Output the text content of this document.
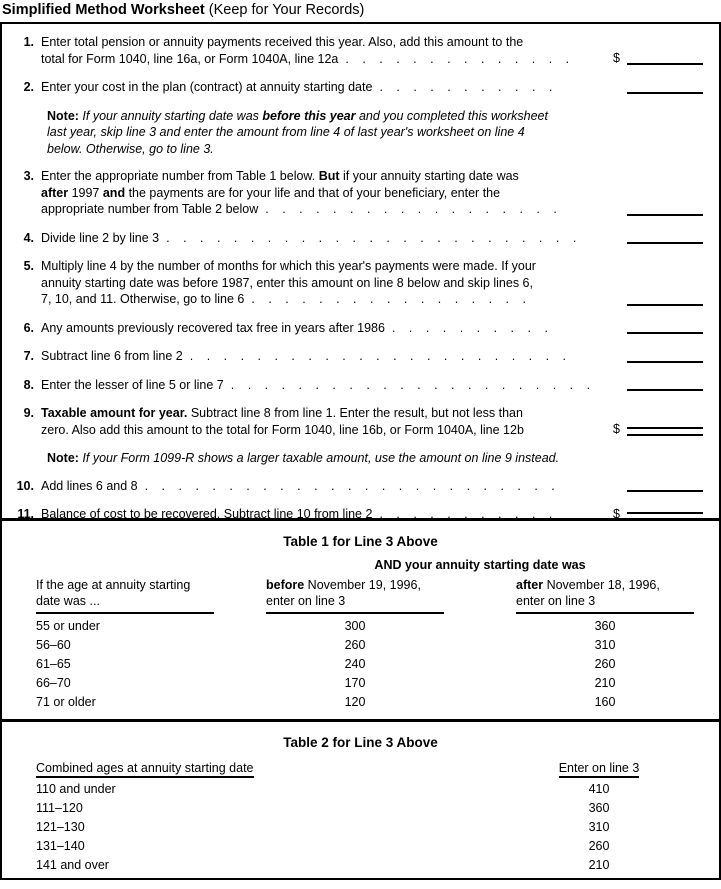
Simplified Method Worksheet (Keep for Your Records)
1. Enter total pension or annuity payments received this year. Also, add this amount to the
total for Form 1040, line 16a, or Form 1040A, line 12a . . . . . . . . . . . . . .	$
2. Enter your cost in the plan (contract) at annuity starting date . . . . . . . . . . .
Note: If your annuity starting date was before this year and you completed this worksheet
last year, skip line 3 and enter the amount from line 4 of last year's worksheet on line 4
below. Otherwise, go to line 3.
3. Enter the appropriate number from Table 1 below. But if your annuity starting date was
after 1997 and the payments are for your life and that of your beneficiary, enter the
appropriate number from Table 2 below . . . . . . . . . . . . . . . . . .
4. Divide line 2 by line 3 . . . . . . . . . . . . . . . . . . . . . . . . .
5. Multiply line 4 by the number of months for which this year's payments were made. If your
annuity starting date was before 1987, enter this amount on line 8 below and skip lines 6,
7, 10, and 11. Otherwise, go to line 6 . . . . . . . . . . . . . . . . .
6. Any amounts previously recovered tax free in years after 1986 . . . . . . . . . .
7. Subtract line 6 from line 2 . . . . . . . . . . . . . . . . . . . . . . .
8. Enter the lesser of line 5 or line 7 . . . . . . . . . . . . . . . . . . . . . .
9. Taxable amount for year. Subtract line 8 from line 1. Enter the result, but not less than
zero. Also add this amount to the total for Form 1040, line 16b, or Form 1040A, line 12b	$
Note: If your Form 1099-R shows a larger taxable amount, use the amount on line 9 instead.
10. Add lines 6 and 8 . . . . . . . . . . . . . . . . . . . . . . . . .
11. Balance of cost to be recovered. Subtract line 10 from line 2 . . . . . . . . . . .	$
Table 1 for Line 3 Above
AND your annuity starting date was
If the age at annuity starting
date was ...
before November 19, 1996,
enter on line 3
after November 18, 1996,
enter on line 3
55 or under	300	360
56–60	260	310
61–65	240	260
66–70	170	210
71 or older	120	160
Table 2 for Line 3 Above
Combined ages at annuity starting date	Enter on line 3
110 and under	410
111–120	360
121–130	310
131–140	260
141 and over	210
